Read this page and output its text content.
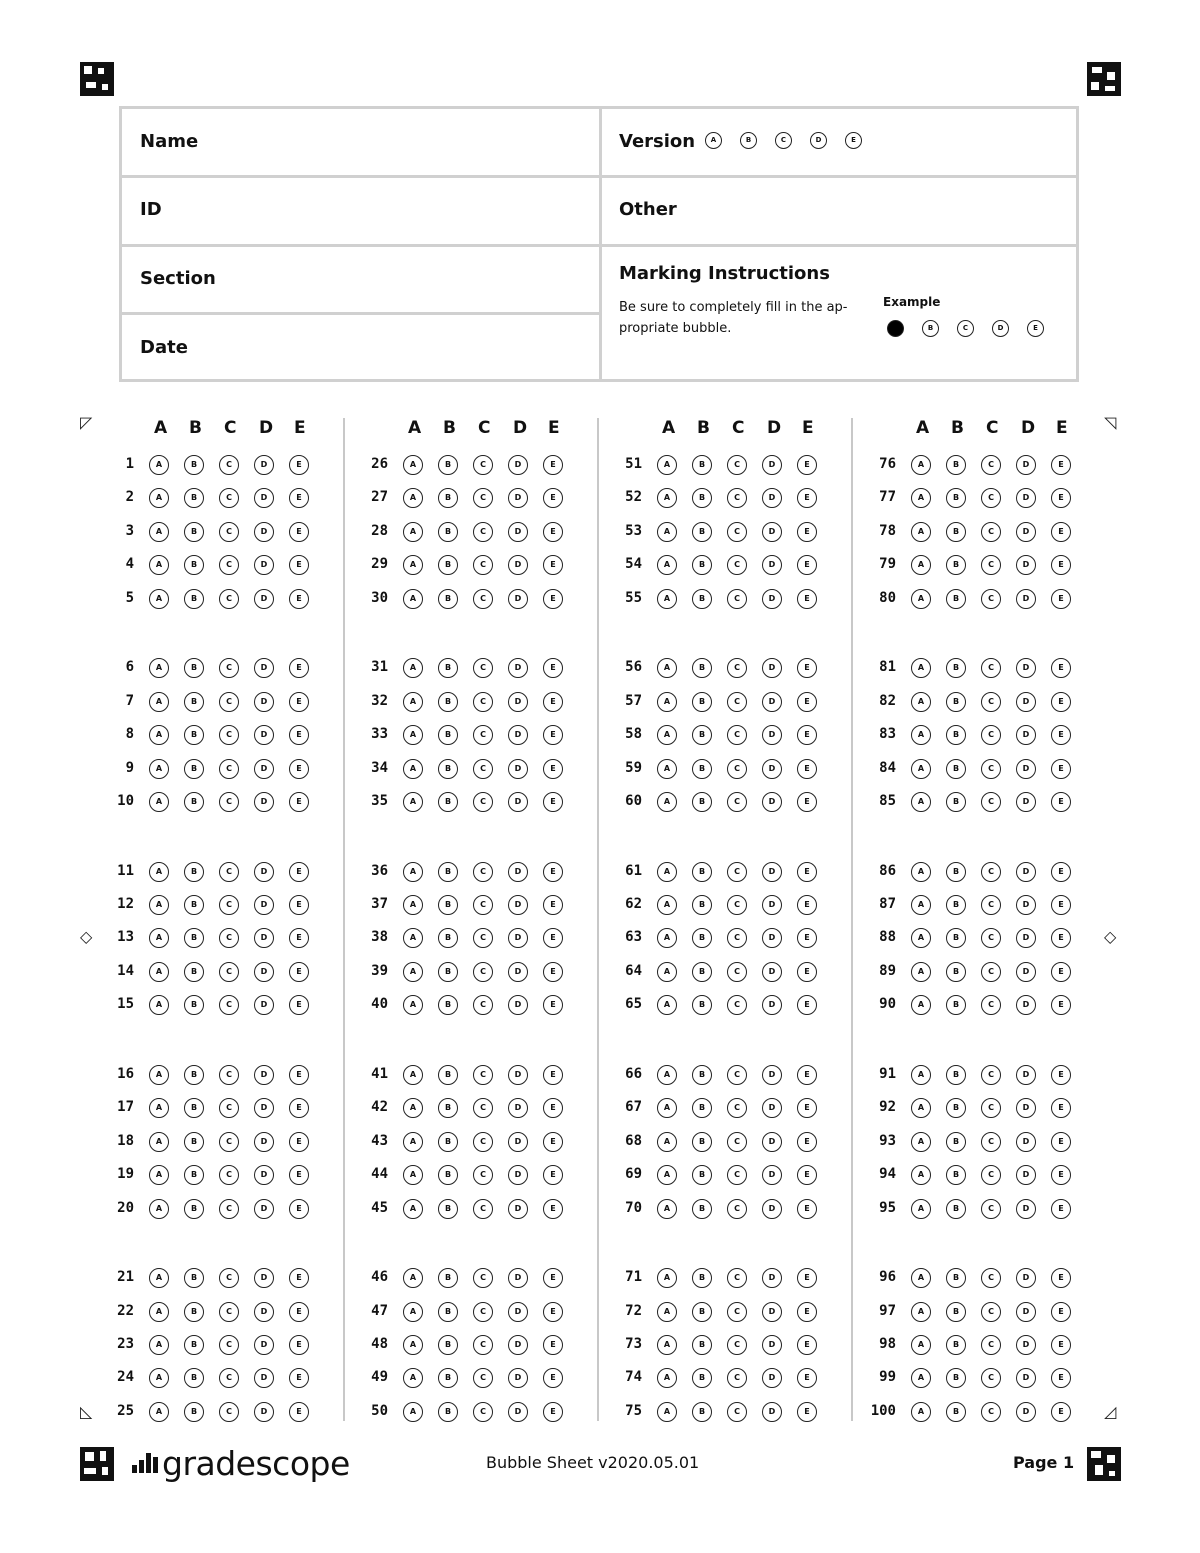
Name
ID
Section
Date
Version	A	B	C	D	E
Other
Marking Instructions
Be sure to completely fill in the ap-propriate bubble.
Example
B	C	D	E
◸	◹
◇	◇
◺	◿
A B C D E
1	A	B	C	D	E
2	A	B	C	D	E
3	A	B	C	D	E
4	A	B	C	D	E
5	A	B	C	D	E
6	A	B	C	D	E
7	A	B	C	D	E
8	A	B	C	D	E
9	A	B	C	D	E
10	A	B	C	D	E
11	A	B	C	D	E
12	A	B	C	D	E
13	A	B	C	D	E
14	A	B	C	D	E
15	A	B	C	D	E
16	A	B	C	D	E
17	A	B	C	D	E
18	A	B	C	D	E
19	A	B	C	D	E
20	A	B	C	D	E
21	A	B	C	D	E
22	A	B	C	D	E
23	A	B	C	D	E
24	A	B	C	D	E
25	A	B	C	D	E
A B C D E
26	A	B	C	D	E
27	A	B	C	D	E
28	A	B	C	D	E
29	A	B	C	D	E
30	A	B	C	D	E
31	A	B	C	D	E
32	A	B	C	D	E
33	A	B	C	D	E
34	A	B	C	D	E
35	A	B	C	D	E
36	A	B	C	D	E
37	A	B	C	D	E
38	A	B	C	D	E
39	A	B	C	D	E
40	A	B	C	D	E
41	A	B	C	D	E
42	A	B	C	D	E
43	A	B	C	D	E
44	A	B	C	D	E
45	A	B	C	D	E
46	A	B	C	D	E
47	A	B	C	D	E
48	A	B	C	D	E
49	A	B	C	D	E
50	A	B	C	D	E
A B C D E
51	A	B	C	D	E
52	A	B	C	D	E
53	A	B	C	D	E
54	A	B	C	D	E
55	A	B	C	D	E
56	A	B	C	D	E
57	A	B	C	D	E
58	A	B	C	D	E
59	A	B	C	D	E
60	A	B	C	D	E
61	A	B	C	D	E
62	A	B	C	D	E
63	A	B	C	D	E
64	A	B	C	D	E
65	A	B	C	D	E
66	A	B	C	D	E
67	A	B	C	D	E
68	A	B	C	D	E
69	A	B	C	D	E
70	A	B	C	D	E
71	A	B	C	D	E
72	A	B	C	D	E
73	A	B	C	D	E
74	A	B	C	D	E
75	A	B	C	D	E
A B C D E
76	A	B	C	D	E
77	A	B	C	D	E
78	A	B	C	D	E
79	A	B	C	D	E
80	A	B	C	D	E
81	A	B	C	D	E
82	A	B	C	D	E
83	A	B	C	D	E
84	A	B	C	D	E
85	A	B	C	D	E
86	A	B	C	D	E
87	A	B	C	D	E
88	A	B	C	D	E
89	A	B	C	D	E
90	A	B	C	D	E
91	A	B	C	D	E
92	A	B	C	D	E
93	A	B	C	D	E
94	A	B	C	D	E
95	A	B	C	D	E
96	A	B	C	D	E
97	A	B	C	D	E
98	A	B	C	D	E
99	A	B	C	D	E
100	A	B	C	D	E
gradescope	Bubble Sheet v2020.05.01	Page 1
